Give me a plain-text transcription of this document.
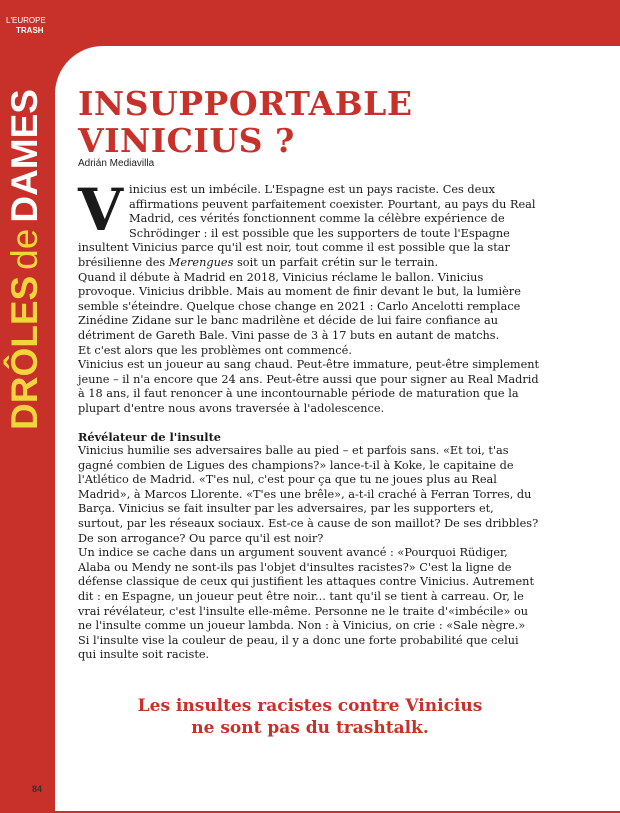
L'EUROPE
TRASH
DRÔLESdeDAMES INSUPPORTABLE
VINICIUS ?
Adrián Mediavilla

Vinicius est un imbécile. L'Espagne est un pays raciste. Ces deux affirmations peuvent parfaitement coexister. Pourtant, au pays du Real Madrid, ces vérités fonctionnent comme la célèbre expérience de Schrödinger : il est possible que les supporters de toute l'Espagne insultent Vinicius parce qu'il est noir, tout comme il est possible que la star brésilienne des Merengues soit un parfait crétin sur le terrain.

Quand il débute à Madrid en 2018, Vinicius réclame le ballon. Vinicius provoque. Vinicius dribble. Mais au moment de finir devant le but, la lumière semble s'éteindre. Quelque chose change en 2021 : Carlo Ancelotti remplace Zinédine Zidane sur le banc madrilène et décide de lui faire confiance au détriment de Gareth Bale. Vini passe de 3 à 17 buts en autant de matchs.

Et c'est alors que les problèmes ont commencé.

Vinicius est un joueur au sang chaud. Peut-être immature, peut-être simplement jeune – il n'a encore que 24 ans. Peut-être aussi que pour signer au Real Madrid à 18 ans, il faut renoncer à une incontournable période de maturation que la plupart d'entre nous avons traversée à l'adolescence.

Révélateur de l'insulte

Vinicius humilie ses adversaires balle au pied – et parfois sans. «Et toi, t'as gagné combien de Ligues des champions?» lance-t-il à Koke, le capitaine de l'Atlético de Madrid. «T'es nul, c'est pour ça que tu ne joues plus au Real Madrid», à Marcos Llorente. «T'es une brêle», a-t-il craché à Ferran Torres, du Barça. Vinicius se fait insulter par les adversaires, par les supporters et, surtout, par les réseaux sociaux. Est-ce à cause de son maillot? De ses dribbles? De son arrogance? Ou parce qu'il est noir?

Un indice se cache dans un argument souvent avancé : «Pourquoi Rüdiger, Alaba ou Mendy ne sont-ils pas l'objet d'insultes racistes?» C'est la ligne de défense classique de ceux qui justifient les attaques contre Vinicius. Autrement dit : en Espagne, un joueur peut être noir... tant qu'il se tient à carreau. Or, le vrai révélateur, c'est l'insulte elle-même. Personne ne le traite d'«imbécile» ou ne l'insulte comme un joueur lambda. Non : à Vinicius, on crie : «Sale nègre.» Si l'insulte vise la couleur de peau, il y a donc une forte probabilité que celui qui insulte soit raciste.

Les insultes racistes contre Vinicius
ne sont pas du trashtalk.
84
